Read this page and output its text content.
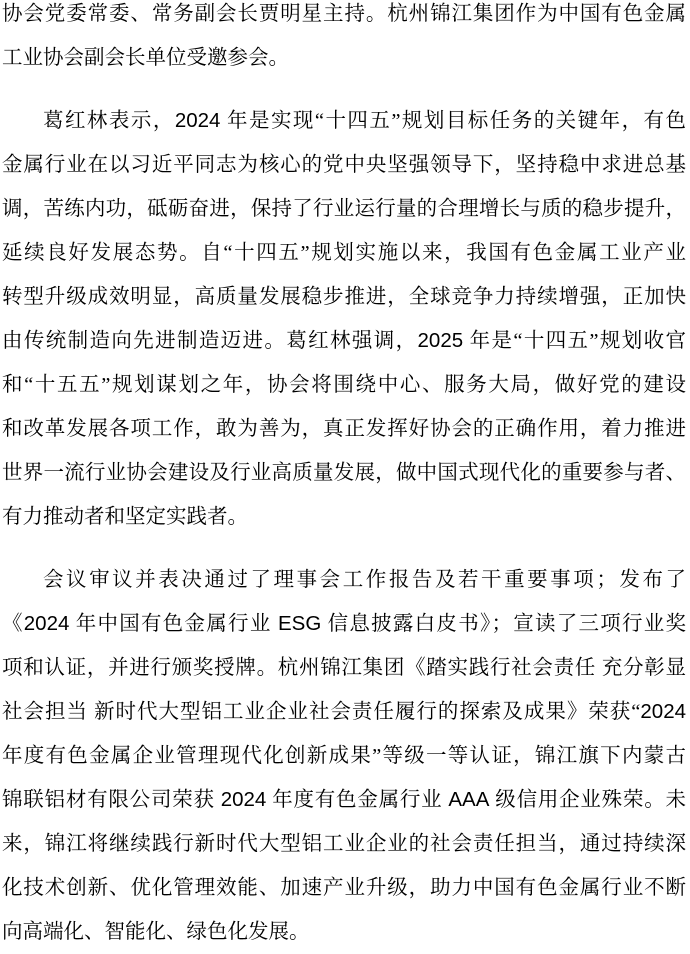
协会党委常委、常务副会长贾明星主持。杭州锦江集团作为中国有色金属
工业协会副会长单位受邀参会。
葛红林表示，2024 年是实现“十四五”规划目标任务的关键年，有色
金属行业在以习近平同志为核心的党中央坚强领导下，坚持稳中求进总基
调，苦练内功，砥砺奋进，保持了行业运行量的合理增长与质的稳步提升，
延续良好发展态势。自“十四五”规划实施以来，我国有色金属工业产业
转型升级成效明显，高质量发展稳步推进，全球竞争力持续增强，正加快
由传统制造向先进制造迈进。葛红林强调，2025 年是“十四五”规划收官
和“十五五”规划谋划之年，协会将围绕中心、服务大局，做好党的建设
和改革发展各项工作，敢为善为，真正发挥好协会的正确作用，着力推进
世界一流行业协会建设及行业高质量发展，做中国式现代化的重要参与者、
有力推动者和坚定实践者。
会议审议并表决通过了理事会工作报告及若干重要事项；发布了
《2024 年中国有色金属行业 ESG 信息披露白皮书》；宣读了三项行业奖
项和认证，并进行颁奖授牌。杭州锦江集团《踏实践行社会责任 充分彰显
社会担当 新时代大型铝工业企业社会责任履行的探索及成果》荣获“2024
年度有色金属企业管理现代化创新成果”等级一等认证，锦江旗下内蒙古
锦联铝材有限公司荣获 2024 年度有色金属行业 AAA 级信用企业殊荣。未
来，锦江将继续践行新时代大型铝工业企业的社会责任担当，通过持续深
化技术创新、优化管理效能、加速产业升级，助力中国有色金属行业不断
向高端化、智能化、绿色化发展。
